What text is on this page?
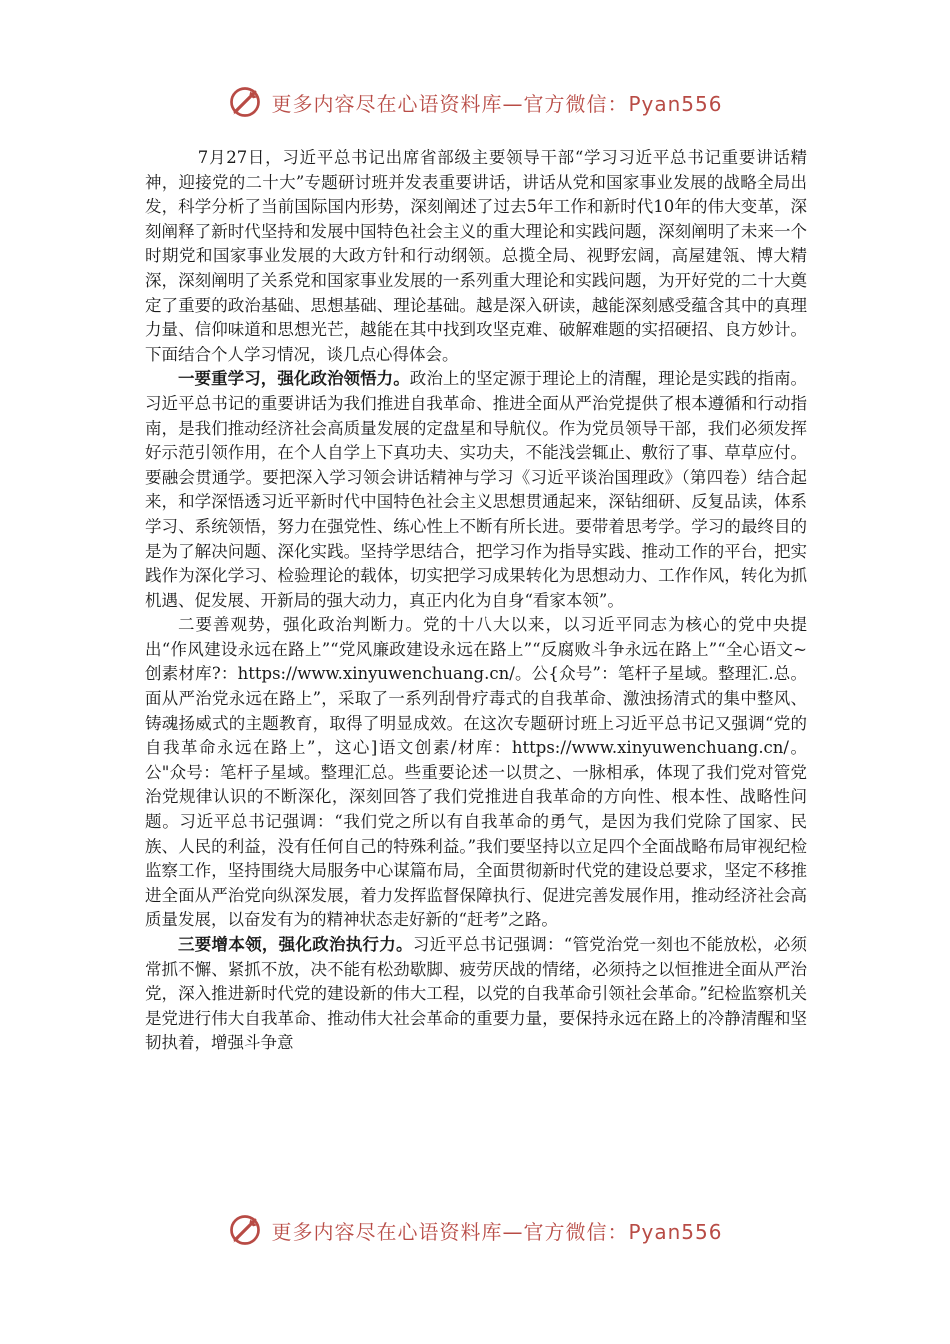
更多内容尽在心语资料库—官方微信：Pyan556

7月27日，习近平总书记出席省部级主要领导干部“学习习近平总书记重要讲话精神，迎接党的二十大”专题研讨班并发表重要讲话，讲话从党和国家事业发展的战略全局出发，科学分析了当前国际国内形势，深刻阐述了过去5年工作和新时代10年的伟大变革，深刻阐释了新时代坚持和发展中国特色社会主义的重大理论和实践问题，深刻阐明了未来一个时期党和国家事业发展的大政方针和行动纲领。总揽全局、视野宏阔，高屋建瓴、博大精深，深刻阐明了关系党和国家事业发展的一系列重大理论和实践问题，为开好党的二十大奠定了重要的政治基础、思想基础、理论基础。越是深入研读，越能深刻感受蕴含其中的真理力量、信仰味道和思想光芒，越能在其中找到攻坚克难、破解难题的实招硬招、良方妙计。下面结合个人学习情况，谈几点心得体会。

一要重学习，强化政治领悟力。政治上的坚定源于理论上的清醒，理论是实践的指南。习近平总书记的重要讲话为我们推进自我革命、推进全面从严治党提供了根本遵循和行动指南，是我们推动经济社会高质量发展的定盘星和导航仪。作为党员领导干部，我们必须发挥好示范引领作用，在个人自学上下真功夫、实功夫，不能浅尝辄止、敷衍了事、草草应付。要融会贯通学。要把深入学习领会讲话精神与学习《习近平谈治国理政》（第四卷）结合起来，和学深悟透习近平新时代中国特色社会主义思想贯通起来，深钻细研、反复品读，体系学习、系统领悟，努力在强党性、练心性上不断有所长进。要带着思考学。学习的最终目的是为了解决问题、深化实践。坚持学思结合，把学习作为指导实践、推动工作的平台，把实践作为深化学习、检验理论的载体，切实把学习成果转化为思想动力、工作作风，转化为抓机遇、促发展、开新局的强大动力，真正内化为自身“看家本领”。

二要善观势，强化政治判断力。党的十八大以来，以习近平同志为核心的党中央提出“作风建设永远在路上”“党风廉政建设永远在路上”“反腐败斗争永远在路上”“全心语文~创素材库?：https://www.xinyuwenchuang.cn/。公{众号”：笔杆子星域。整理汇.总。面从严治党永远在路上”，采取了一系列刮骨疗毒式的自我革命、激浊扬清式的集中整风、铸魂扬威式的主题教育，取得了明显成效。在这次专题研讨班上习近平总书记又强调“党的自我革命永远在路上”，这心]语文创素/材库：https://www.xinyuwenchuang.cn/。公"众号：笔杆子星域。整理汇总。些重要论述一以贯之、一脉相承，体现了我们党对管党治党规律认识的不断深化，深刻回答了我们党推进自我革命的方向性、根本性、战略性问题。习近平总书记强调：“我们党之所以有自我革命的勇气，是因为我们党除了国家、民族、人民的利益，没有任何自己的特殊利益。”我们要坚持以立足四个全面战略布局审视纪检监察工作，坚持围绕大局服务中心谋篇布局，全面贯彻新时代党的建设总要求，坚定不移推进全面从严治党向纵深发展，着力发挥监督保障执行、促进完善发展作用，推动经济社会高质量发展，以奋发有为的精神状态走好新的“赶考”之路。

三要增本领，强化政治执行力。习近平总书记强调：“管党治党一刻也不能放松，必须常抓不懈、紧抓不放，决不能有松劲歇脚、疲劳厌战的情绪，必须持之以恒推进全面从严治党，深入推进新时代党的建设新的伟大工程，以党的自我革命引领社会革命。”纪检监察机关是党进行伟大自我革命、推动伟大社会革命的重要力量，要保持永远在路上的冷静清醒和坚韧执着，增强斗争意

更多内容尽在心语资料库—官方微信：Pyan556
